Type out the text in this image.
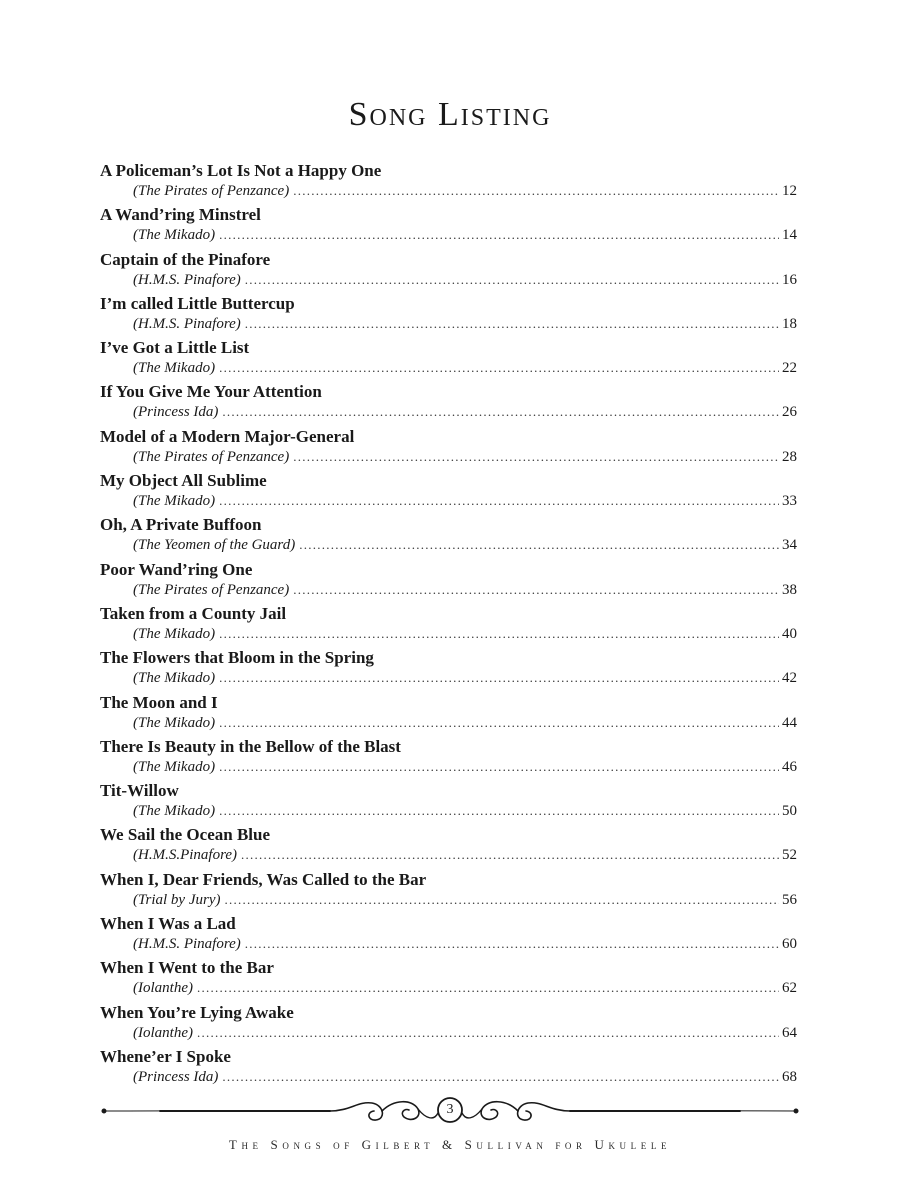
Song Listing
A Policeman’s Lot Is Not a Happy One
(The Pirates of Penzance) . . .	12
A Wand’ring Minstrel
(The Mikado) . . .	14
Captain of the Pinafore
(H.M.S. Pinafore) . . .	16
I’m called Little Buttercup
(H.M.S. Pinafore) . . .	18
I’ve Got a Little List
(The Mikado) . . .	22
If You Give Me Your Attention
(Princess Ida) . . .	26
Model of a Modern Major-General
(The Pirates of Penzance) . . .	28
My Object All Sublime
(The Mikado) . . .	33
Oh, A Private Buffoon
(The Yeomen of the Guard) . . .	34
Poor Wand’ring One
(The Pirates of Penzance) . . .	38
Taken from a County Jail
(The Mikado) . . .	40
The Flowers that Bloom in the Spring
(The Mikado) . . .	42
The Moon and I
(The Mikado) . . .	44
There Is Beauty in the Bellow of the Blast
(The Mikado) . . .	46
Tit-Willow
(The Mikado) . . .	50
We Sail the Ocean Blue
(H.M.S.Pinafore) . . .	52
When I, Dear Friends, Was Called to the Bar
(Trial by Jury) . . .	56
When I Was a Lad
(H.M.S. Pinafore) . . .	60
When I Went to the Bar
(Iolanthe) . . .	62
When You’re Lying Awake
(Iolanthe) . . .	64
Whene’er I Spoke
(Princess Ida) . . .	68
3
The Songs of Gilbert & Sullivan for Ukulele
